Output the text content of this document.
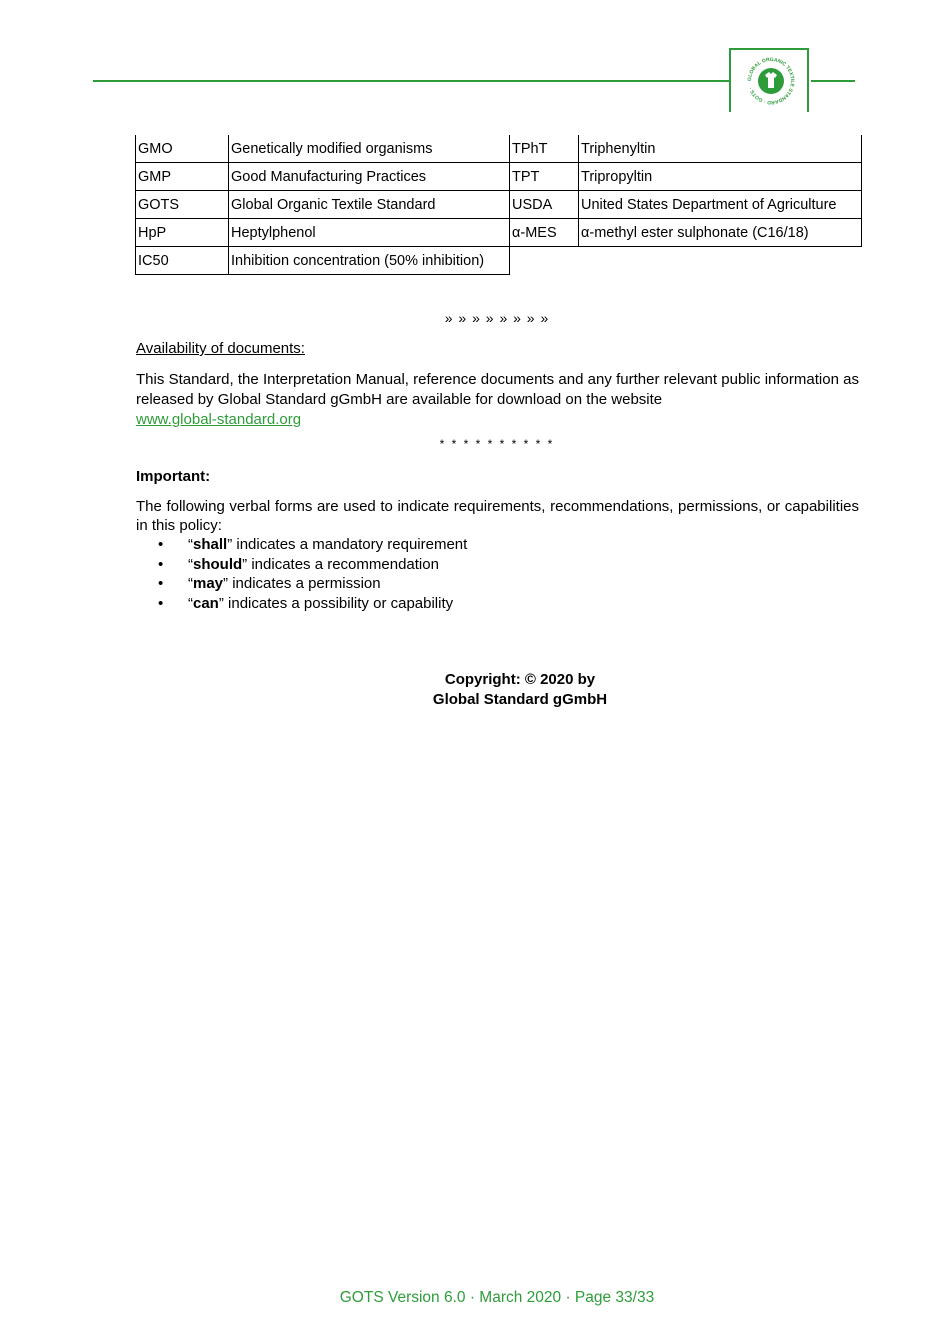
GLOBAL ORGANIC TEXTILE STANDARD · GOTS ·
GMO	Genetically modified organisms	TPhT	Triphenyltin
GMP	Good Manufacturing Practices	TPT	Tripropyltin
GOTS	Global Organic Textile Standard	USDA	United States Department of Agriculture
HpP	Heptylphenol	α-MES	α-methyl ester sulphonate (C16/18)
IC50	Inhibition concentration (50% inhibition)		
» » » » » » » »
Availability of documents:
This Standard, the Interpretation Manual, reference documents and any further relevant public information as released by Global Standard gGmbH are available for download on the website
www.global-standard.org
* * * * * * * * * *
Important:
The following verbal forms are used to indicate requirements, recommendations, permissions, or capabilities in this policy:
• “shall” indicates a mandatory requirement
• “should” indicates a recommendation
• “may” indicates a permission
• “can” indicates a possibility or capability
Copyright: © 2020 by
Global Standard gGmbH
GOTS Version 6.0 · March 2020 · Page 33/33
